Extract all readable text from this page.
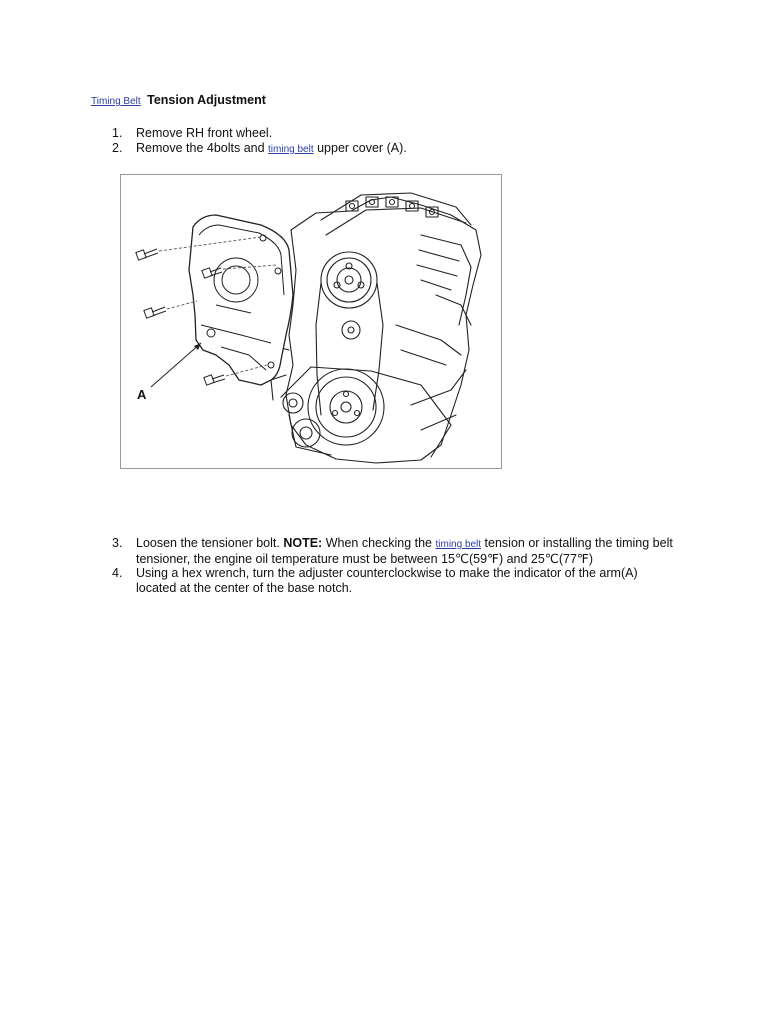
Timing Belt Tension Adjustment
1. Remove RH front wheel.
2. Remove the 4bolts and timing belt upper cover (A).
A
3. Loosen the tensioner bolt. NOTE: When checking the timing belt tension or installing the timing belt
tensioner, the engine oil temperature must be between 15℃(59℉) and 25℃(77℉)
4. Using a hex wrench, turn the adjuster counterclockwise to make the indicator of the arm(A)
located at the center of the base notch.
